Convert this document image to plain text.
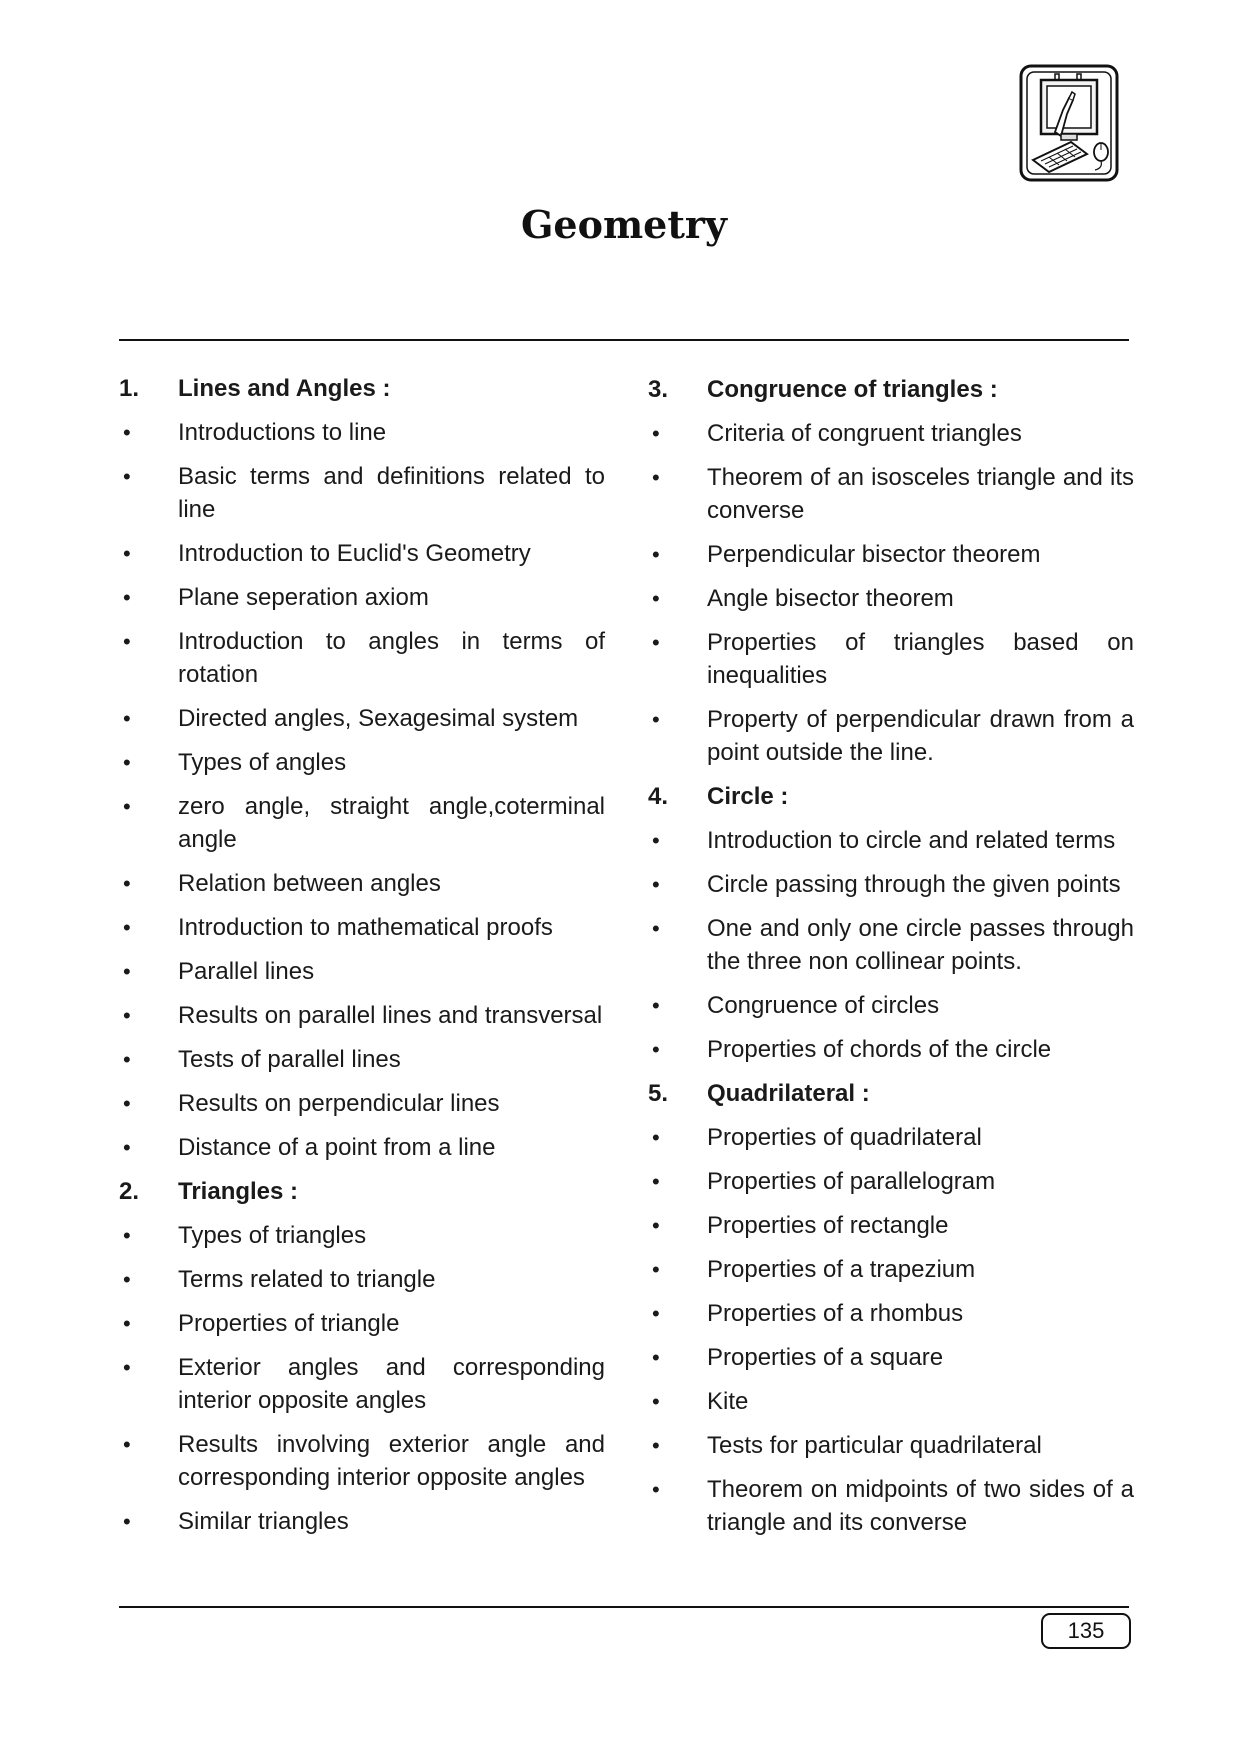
Geometry
1.	Lines and Angles :
•	Introductions to line
•	Basic terms and definitions related to line
•	Introduction to Euclid's Geometry
•	Plane seperation axiom
•	Introduction to angles in terms of rotation
•	Directed angles, Sexagesimal system
•	Types of angles
•	zero angle, straight angle,coterminal angle
•	Relation between angles
•	Introduction to mathematical proofs
•	Parallel lines
•	Results on parallel lines and transversal
•	Tests of parallel lines
•	Results on perpendicular lines
•	Distance of a point from a line
2.	Triangles :
•	Types of triangles
•	Terms related to triangle
•	Properties of triangle
•	Exterior angles and corresponding interior opposite angles
•	Results involving exterior angle and corresponding interior opposite angles
•	Similar triangles
3.	Congruence of triangles :
•	Criteria of congruent triangles
•	Theorem of an isosceles triangle and its converse
•	Perpendicular bisector theorem
•	Angle bisector theorem
•	Properties of triangles based on inequalities
•	Property of perpendicular drawn from a point outside the line.
4.	Circle :
•	Introduction to circle and related terms
•	Circle passing through the given points
•	One and only one circle passes through the three non collinear points.
•	Congruence of circles
•	Properties of chords of the circle
5.	Quadrilateral :
•	Properties of quadrilateral
•	Properties of parallelogram
•	Properties of rectangle
•	Properties of a trapezium
•	Properties of a rhombus
•	Properties of a square
•	Kite
•	Tests for particular quadrilateral
•	Theorem on midpoints of two sides of a triangle and its converse
135
